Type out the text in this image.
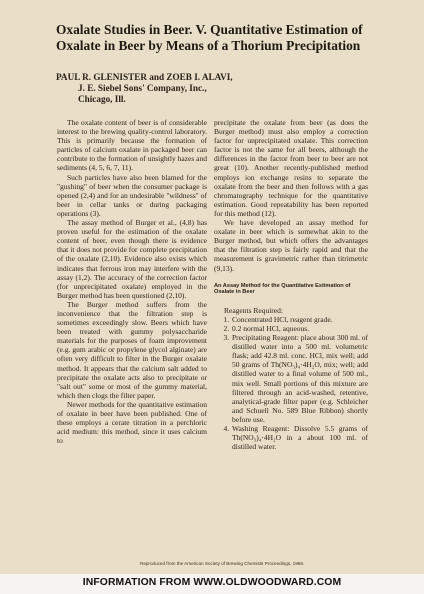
Oxalate Studies in Beer. V. Quantitative Estimation of Oxalate in Beer by Means of a Thorium Precipitation

PAUL R. GLENISTER and ZOEB I. ALAVI,
J. E. Siebel Sons' Company, Inc.,
Chicago, Ill.

The oxalate content of beer is of considerable interest to the brewing quality-control laboratory. This is primarily because the formation of particles of calcium oxalate in packaged beer can contribute to the formation of unsightly hazes and sediments (4, 5, 6, 7, 11).

Such particles have also been blamed for the "gushing" of beer when the consumer package is opened (2,4) and for an undesirable "wildness" of beer in cellar tanks or during packaging operations (3).

The assay method of Burger et al., (4,8) has proven useful for the estimation of the oxalate content of beer, even though there is evidence that it does not provide for complete precipitation of the oxalate (2,10). Evidence also exists which indicates that ferrous iron may interfere with the assay (1,2). The accuracy of the correction factor (for unprecipitated oxalate) employed in the Burger method has been questioned (2,10).

The Burger method suffers from the inconvenience that the filtration step is sometimes exceedingly slow. Beers which have been treated with gummy polysaccharide materials for the purposes of foam improvement (e.g. gum arabic or propylene glycol alginate) are often very difficult to filter in the Burger oxalate method. It appears that the calcium salt added to precipitate the oxalate acts also to precipitate or "salt out" some or most of the gummy material, which then clogs the filter paper.

Newer methods for the quantitative estimation of oxalate in beer have been published. One of these employs a cerate titration in a perchloric acid medium: this method, since it uses calcium to

precipitate the oxalate from beer (as does the Burger method) must also employ a correction factor for unprecipitated oxalate. This correction factor is not the same for all beers, although the differences in the factor from beer to beer are not great (10). Another recently-published method employs ion exchange resins to separate the oxalate from the beer and then follows with a gas chromatography technique for the quantitative estimation. Good repeatability has been reported for this method (12).

We have developed an assay method for oxalate in beer which is somewhat akin to the Burger method, but which offers the advantages that the filtration step is fairly rapid and that the measurement is gravimetric rather than titrimetric (9,13).

An Assay Method for the Quantitative Estimation of Oxalate in Beer

Reagents Required:

1. Concentrated HCl, reagent grade.
2. 0.2 normal HCl, aqueous.
3. Precipitating Reagent: place about 300 ml. of distilled water into a 500 ml. volumetric flask; add 42.8 ml. conc. HCl, mix well; add 50 grams of Th(NO₃)₄·4H₂O, mix; well; add distilled water to a final volume of 500 ml., mix well. Small portions of this mixture are filtered through an acid-washed, retentive, analytical-grade filter paper (e.g. Schleicher and Schuell No. 589 Blue Ribbon) shortly before use.
4. Washing Reagent: Dissolve 5.5 grams of Th(NO₃)₄·4H₂O in a about 100 ml. of distilled water.
Reproduced from the American Society of Brewing Chemists Proceedings, 1969.
INFORMATION FROM WWW.OLDWOODWARD.COM
